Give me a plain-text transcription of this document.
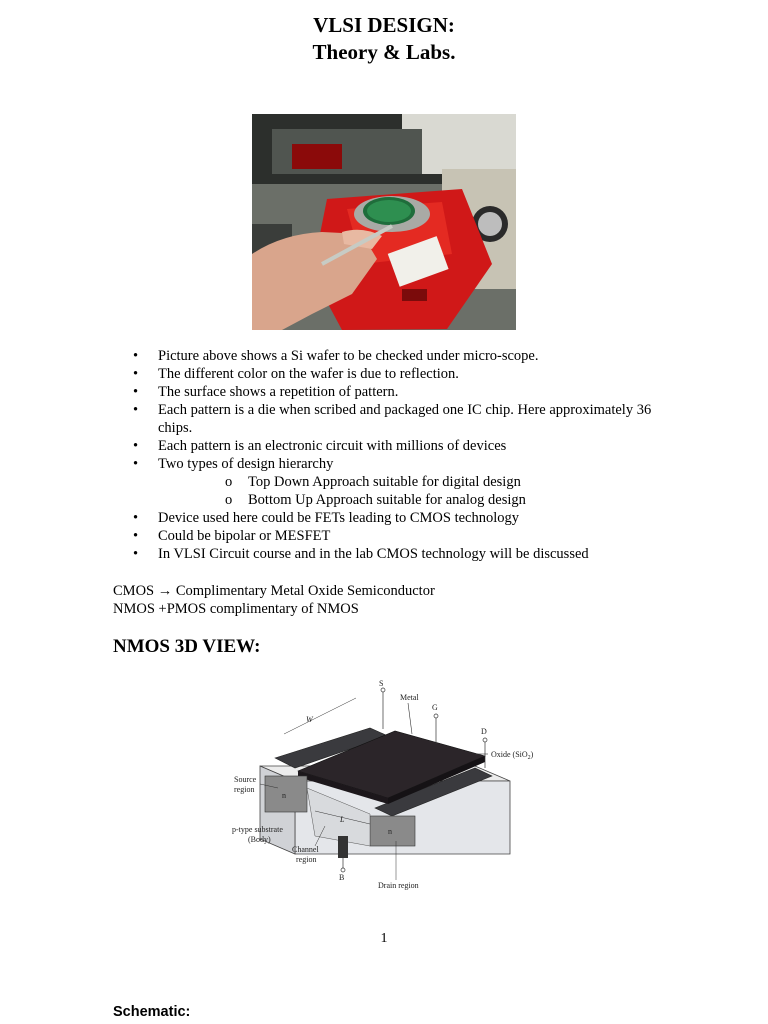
VLSI DESIGN:
Theory & Labs.
• Picture above shows a Si wafer to be checked under micro-scope.
• The different color on the wafer is due to reflection.
• The surface shows a repetition of pattern.
• Each pattern is a die when scribed and packaged one IC chip. Here approximately 36 chips.
• Each pattern is an electronic circuit with millions of devices
• Two types of design hierarchy
o Top Down Approach suitable for digital design
o Bottom Up Approach suitable for analog design
• Device used here could be FETs leading to CMOS technology
• Could be bipolar or MESFET
• In VLSI Circuit course and in the lab CMOS technology will be discussed
CMOS → Complimentary Metal Oxide Semiconductor
NMOS +PMOS complimentary of NMOS
NMOS 3D VIEW:
n
n
S
Metal
G
D
Oxide (SiO$_2$)
W
L
Source
region
p-type substrate
(Body)
Channel
region
B
Drain region
1
Schematic:
